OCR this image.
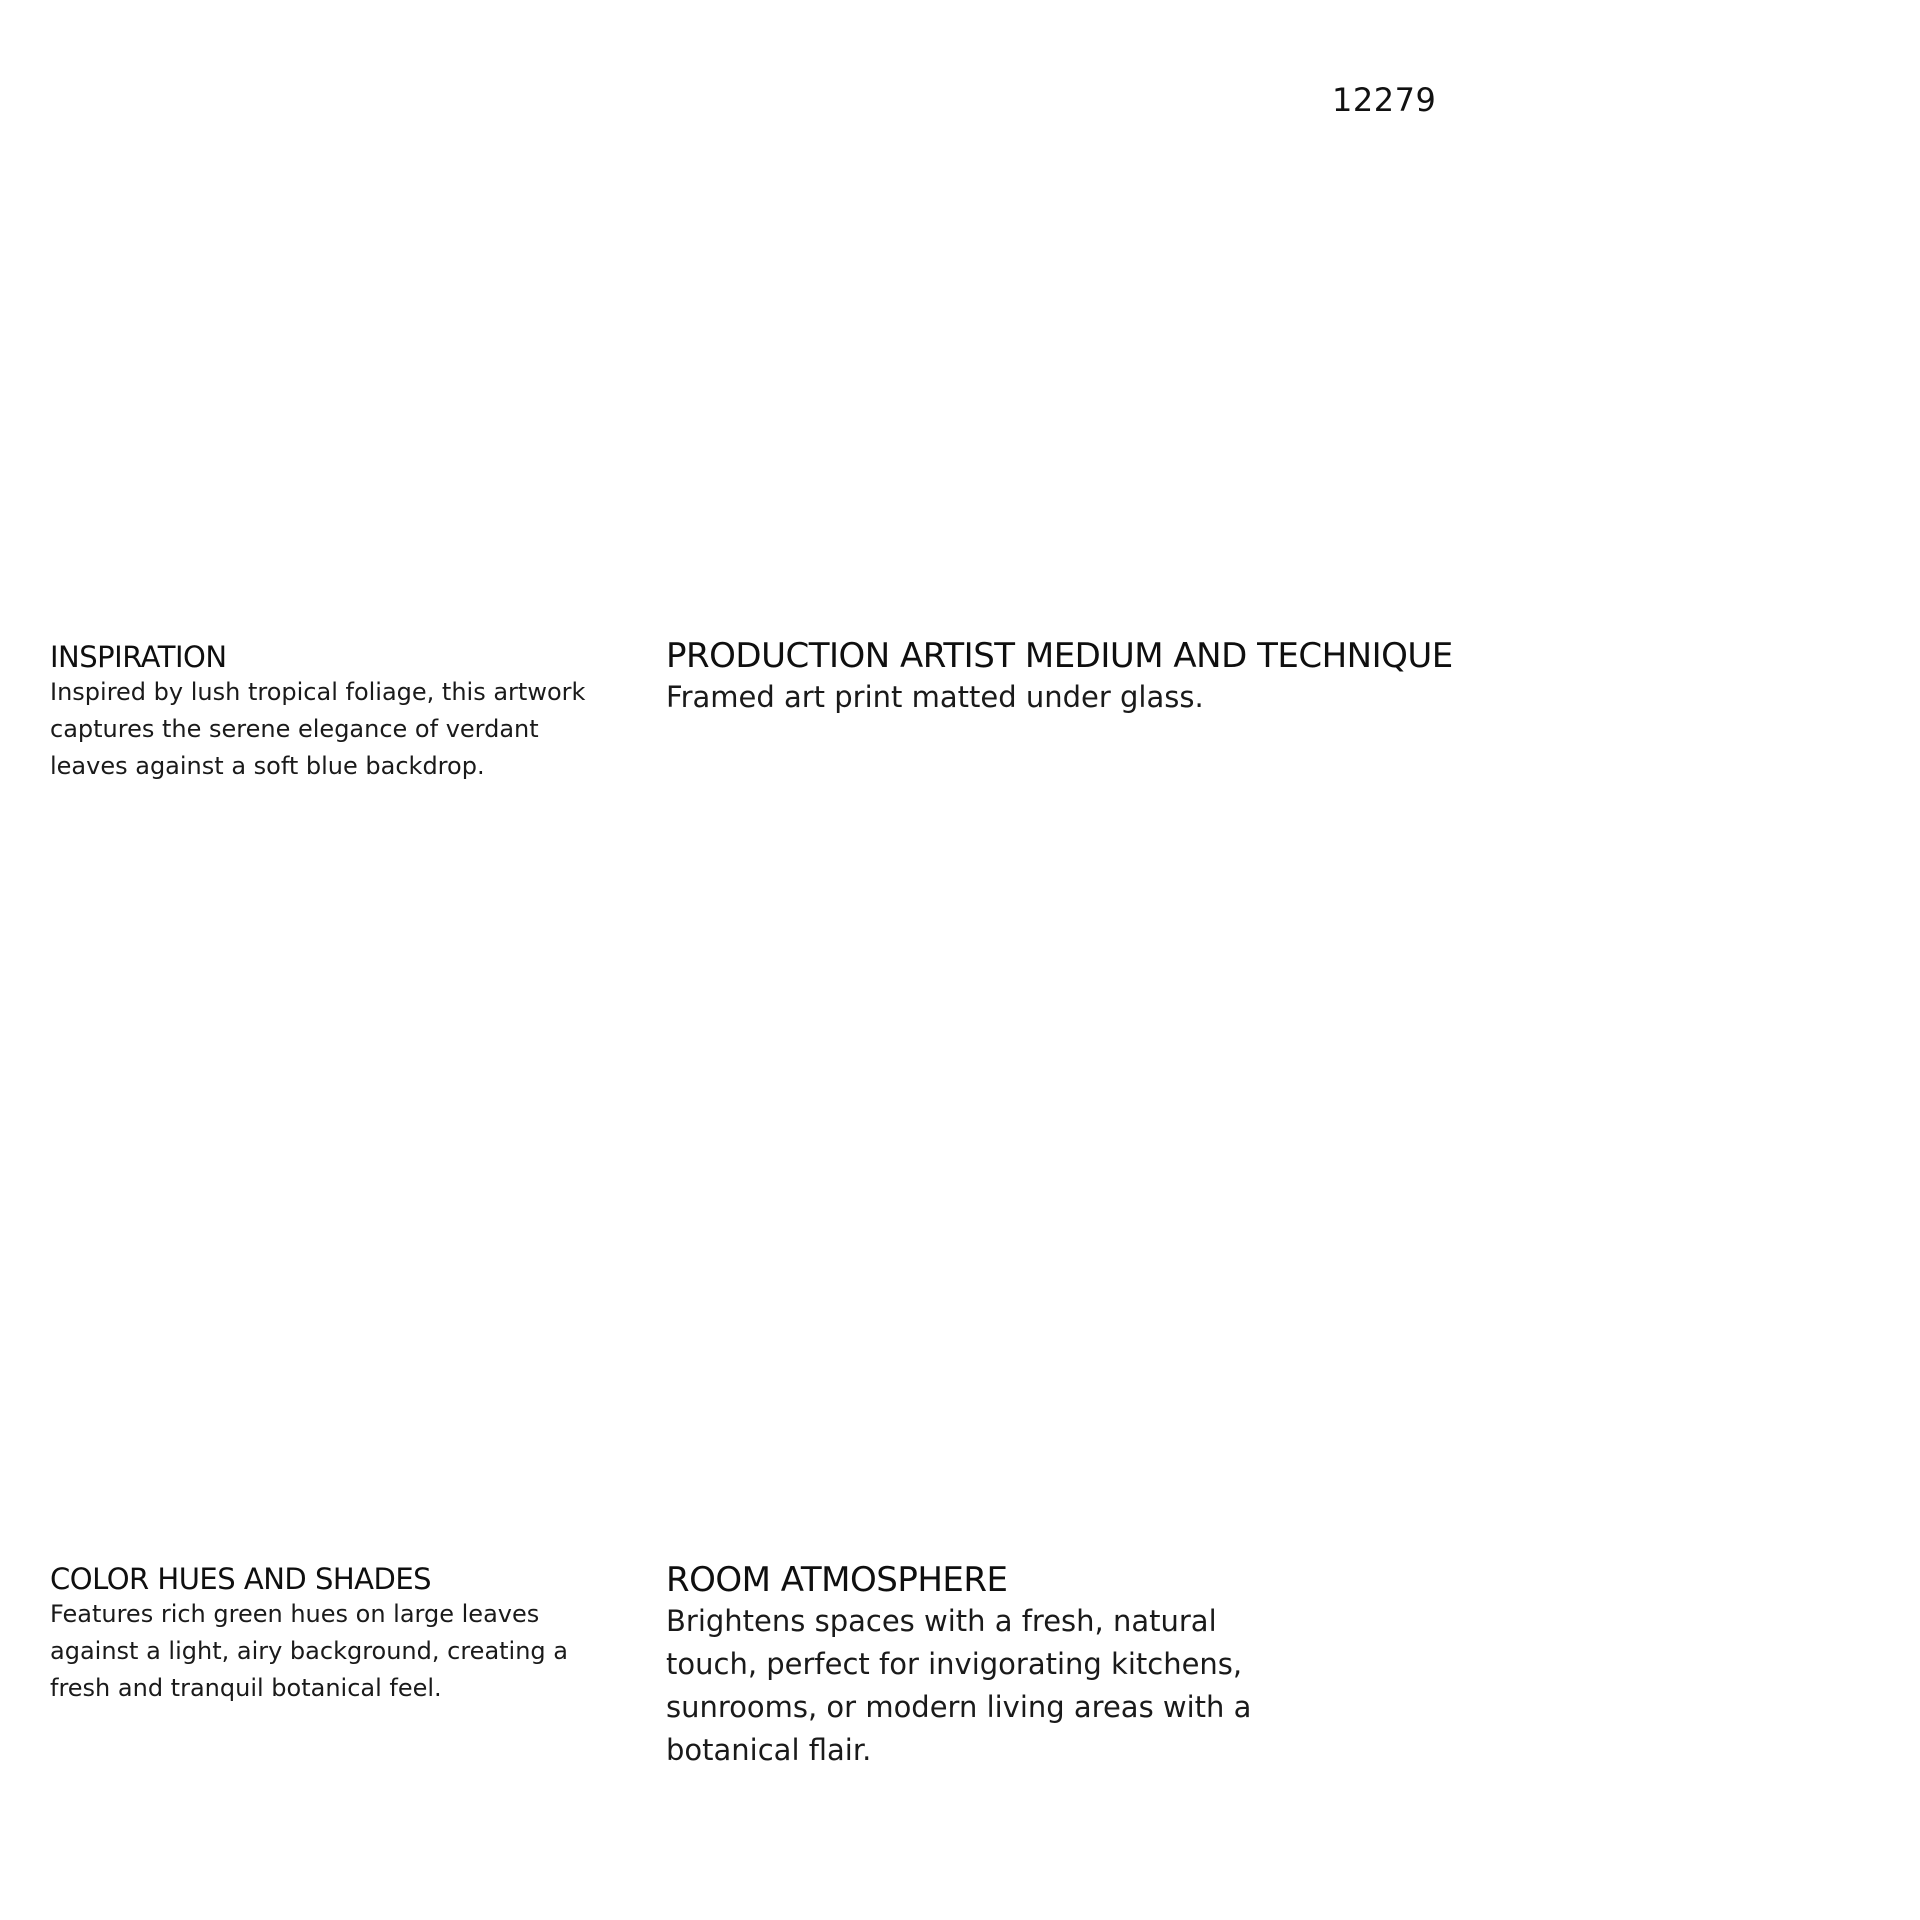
12279
INSPIRATION

Inspired by lush tropical foliage, this artwork captures the serene elegance of verdant leaves against a soft blue backdrop.

PRODUCTION ARTIST MEDIUM AND TECHNIQUE

Framed art print matted under glass.

COLOR HUES AND SHADES

Features rich green hues on large leaves against a light, airy background, creating a fresh and tranquil botanical feel.

ROOM ATMOSPHERE

Brightens spaces with a fresh, natural touch, perfect for invigorating kitchens, sunrooms, or modern living areas with a botanical flair.
